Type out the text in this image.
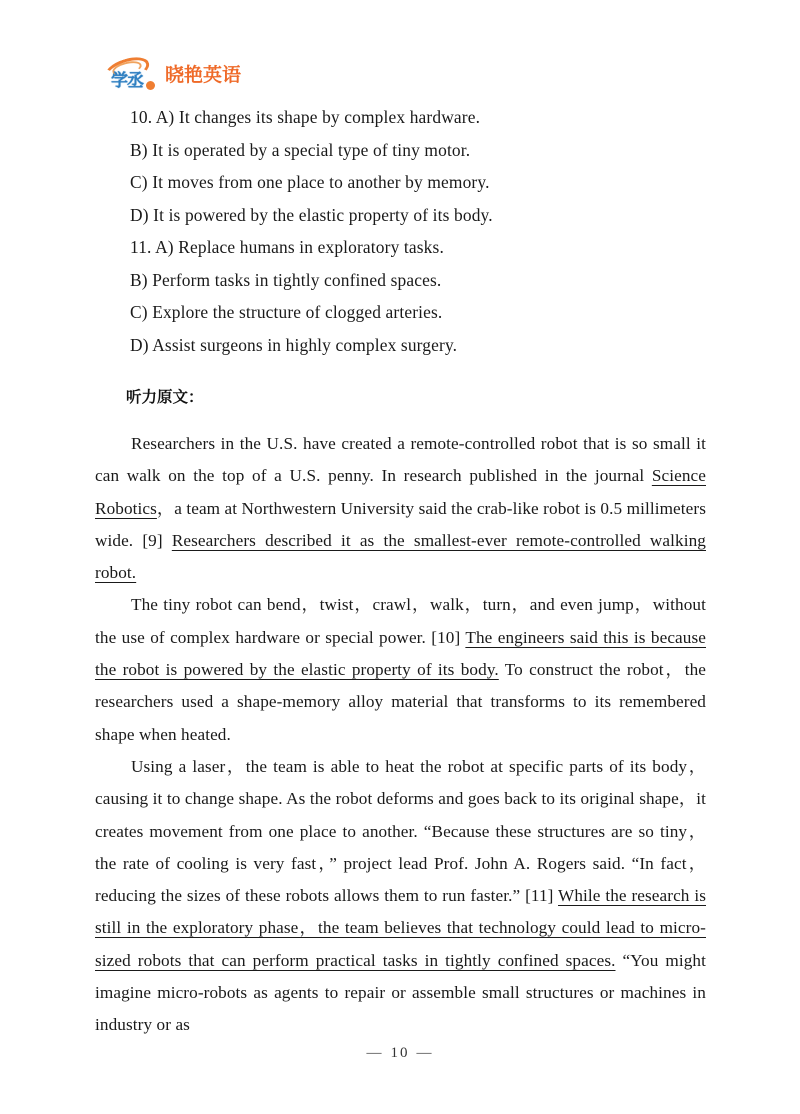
学丞 晓艳英语
10. A) It changes its shape by complex hardware.
B) It is operated by a special type of tiny motor.
C) It moves from one place to another by memory.
D) It is powered by the elastic property of its body.
11. A) Replace humans in exploratory tasks.
B) Perform tasks in tightly confined spaces.
C) Explore the structure of clogged arteries.
D) Assist surgeons in highly complex surgery.
听力原文：

Researchers in the U.S. have created a remote-controlled robot that is so small it can walk on the top of a U.S. penny. In research published in the journal Science Robotics，a team at Northwestern University said the crab-like robot is 0.5 millimeters wide. [9] Researchers described it as the smallest-ever remote-controlled walking robot.

The tiny robot can bend，twist，crawl，walk，turn，and even jump，without the use of complex hardware or special power. [10] The engineers said this is because the robot is powered by the elastic property of its body. To construct the robot，the researchers used a shape-memory alloy material that transforms to its remembered shape when heated.

Using a laser，the team is able to heat the robot at specific parts of its body，causing it to change shape. As the robot deforms and goes back to its original shape，it creates movement from one place to another. “Because these structures are so tiny，the rate of cooling is very fast，” project lead Prof. John A. Rogers said. “In fact，reducing the sizes of these robots allows them to run faster.” [11] While the research is still in the exploratory phase，the team believes that technology could lead to micro-sized robots that can perform practical tasks in tightly confined spaces. “You might imagine micro-robots as agents to repair or assemble small structures or machines in industry or as

— 10 —
